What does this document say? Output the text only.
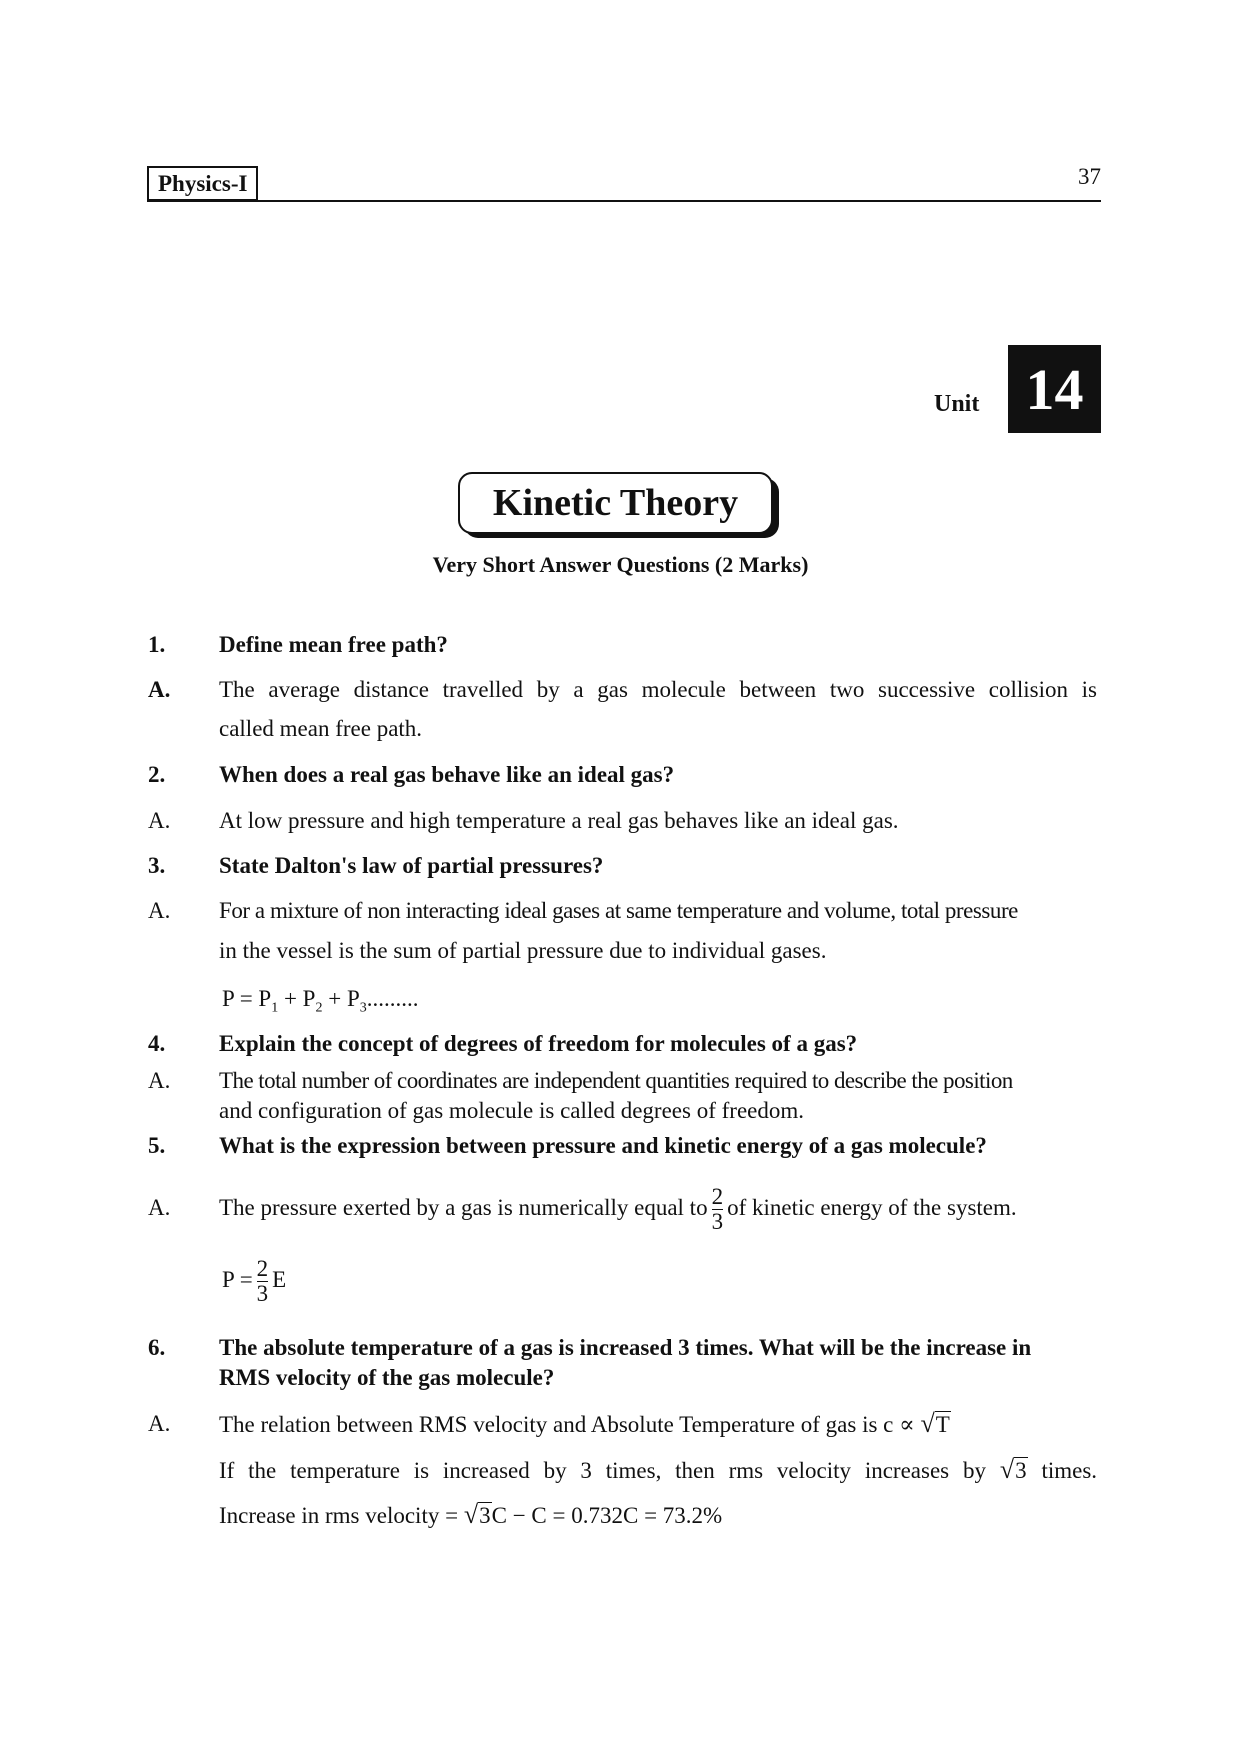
Physics-I	37
Unit 14
Kinetic Theory
Very Short Answer Questions (2 Marks)
1. Define mean free path?
A. The average distance travelled by a gas molecule between two successive collision is
called mean free path.
2. When does a real gas behave like an ideal gas?
A. At low pressure and high temperature a real gas behaves like an ideal gas.
3. State Dalton's law of partial pressures?
A. For a mixture of non interacting ideal gases at same temperature and volume, total pressure
in the vessel is the sum of partial pressure due to individual gases.
$P = P_1 + P_2 + P_3$.........
4. Explain the concept of degrees of freedom for molecules of a gas?
A. The total number of coordinates are independent quantities required to describe the position
and configuration of gas molecule is called degrees of freedom.
5. What is the expression between pressure and kinetic energy of a gas molecule?
A. The pressure exerted by a gas is numerically equal to $\frac{2}{3}$ of kinetic energy of the system.
$P = \frac{2}{3}$ E
6. The absolute temperature of a gas is increased 3 times. What will be the increase in
RMS velocity of the gas molecule?
A. The relation between RMS velocity and Absolute Temperature of gas is c ∝ √T
If the temperature is increased by 3 times, then rms velocity increases by √3 times.
Increase in rms velocity = √3C − C = 0.732C = 73.2%
